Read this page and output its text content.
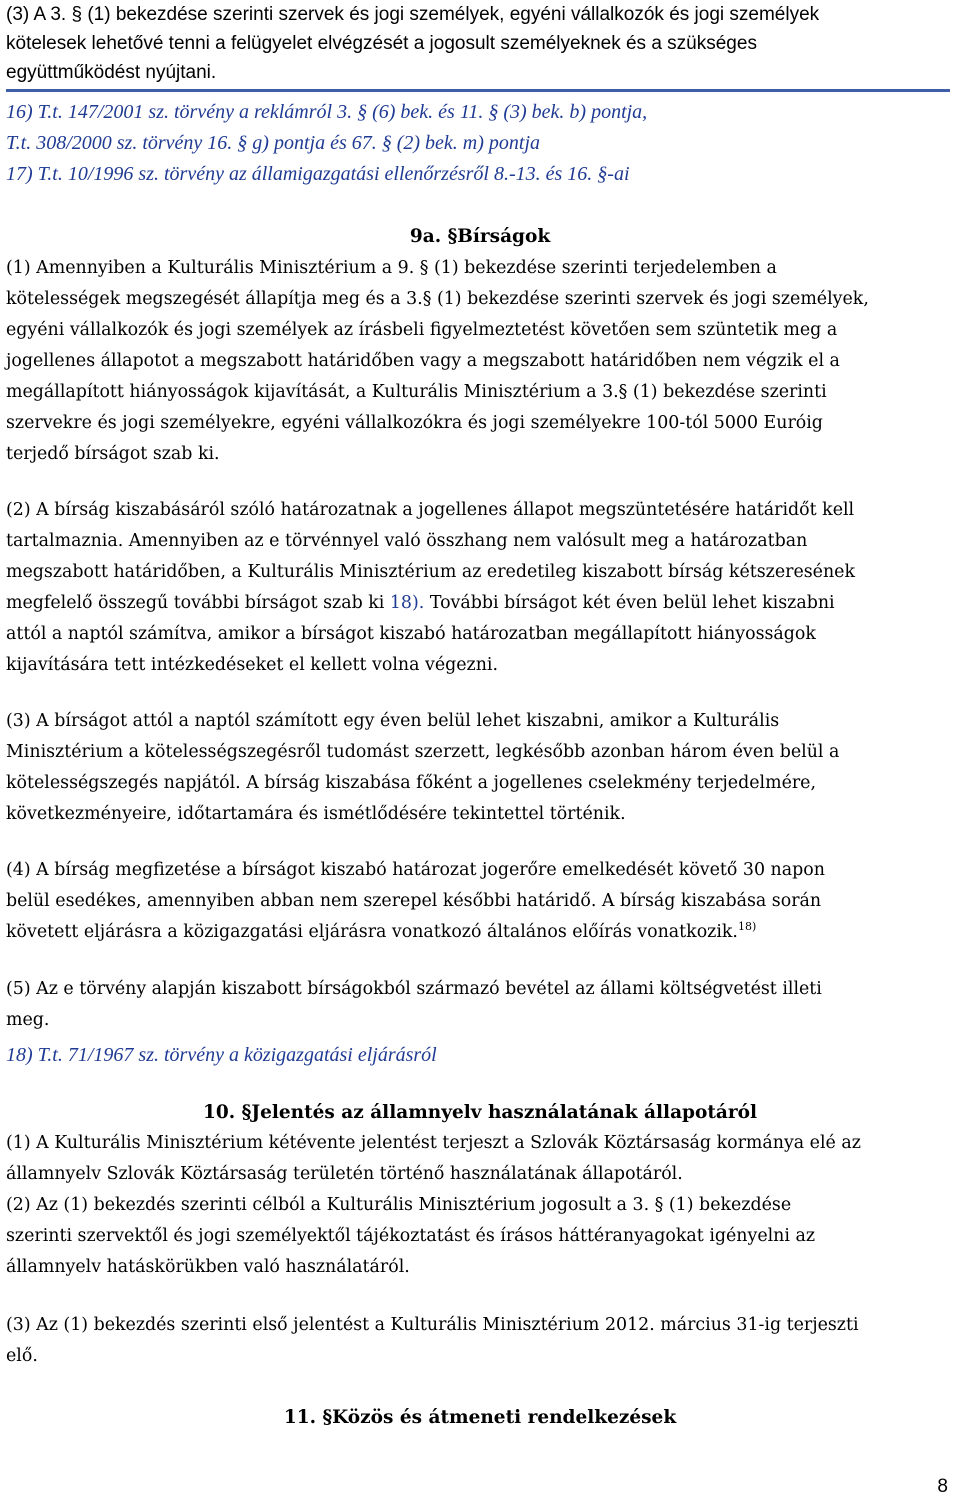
(3) A 3. § (1) bekezdése szerinti szervek és jogi személyek, egyéni vállalkozók és jogi személyek

kötelesek lehetővé tenni a felügyelet elvégzését a jogosult személyeknek és a szükséges

együttműködést nyújtani.

16) T.t. 147/2001 sz. törvény a reklámról 3. § (6) bek. és 11. § (3) bek. b) pontja,

T.t. 308/2000 sz. törvény 16. § g) pontja és 67. § (2) bek. m) pontja

17) T.t. 10/1996 sz. törvény az államigazgatási ellenőrzésről 8.-13. és 16. §-ai

9a. §Bírságok

(1) Amennyiben a Kulturális Minisztérium a 9. § (1) bekezdése szerinti terjedelemben a

kötelességek megszegését állapítja meg és a 3.§ (1) bekezdése szerinti szervek és jogi személyek,

egyéni vállalkozók és jogi személyek az írásbeli figyelmeztetést követően sem szüntetik meg a

jogellenes állapotot a megszabott határidőben vagy a megszabott határidőben nem végzik el a

megállapított hiányosságok kijavítását, a Kulturális Minisztérium a 3.§ (1) bekezdése szerinti

szervekre és jogi személyekre, egyéni vállalkozókra és jogi személyekre 100-tól 5000 Euróig

terjedő bírságot szab ki.

(2) A bírság kiszabásáról szóló határozatnak a jogellenes állapot megszüntetésére határidőt kell

tartalmaznia. Amennyiben az e törvénnyel való összhang nem valósult meg a határozatban

megszabott határidőben, a Kulturális Minisztérium az eredetileg kiszabott bírság kétszeresének

megfelelő összegű további bírságot szab ki 18). További bírságot két éven belül lehet kiszabni

attól a naptól számítva, amikor a bírságot kiszabó határozatban megállapított hiányosságok

kijavítására tett intézkedéseket el kellett volna végezni.

(3) A bírságot attól a naptól számított egy éven belül lehet kiszabni, amikor a Kulturális

Minisztérium a kötelességszegésről tudomást szerzett, legkésőbb azonban három éven belül a

kötelességszegés napjától. A bírság kiszabása főként a jogellenes cselekmény terjedelmére,

következményeire, időtartamára és ismétlődésére tekintettel történik.

(4) A bírság megfizetése a bírságot kiszabó határozat jogerőre emelkedését követő 30 napon

belül esedékes, amennyiben abban nem szerepel későbbi határidő. A bírság kiszabása során

követett eljárásra a közigazgatási eljárásra vonatkozó általános előírás vonatkozik.$^{18)}$

(5) Az e törvény alapján kiszabott bírságokból származó bevétel az állami költségvetést illeti

meg.

18) T.t. 71/1967 sz. törvény a közigazgatási eljárásról

10. §Jelentés az államnyelv használatának állapotáról

(1) A Kulturális Minisztérium kétévente jelentést terjeszt a Szlovák Köztársaság kormánya elé az

államnyelv Szlovák Köztársaság területén történő használatának állapotáról.

(2) Az (1) bekezdés szerinti célból a Kulturális Minisztérium jogosult a 3. § (1) bekezdése

szerinti szervektől és jogi személyektől tájékoztatást és írásos háttéranyagokat igényelni az

államnyelv hatáskörükben való használatáról.

(3) Az (1) bekezdés szerinti első jelentést a Kulturális Minisztérium 2012. március 31-ig terjeszti

elő.

11. §Közös és átmeneti rendelkezések

8
